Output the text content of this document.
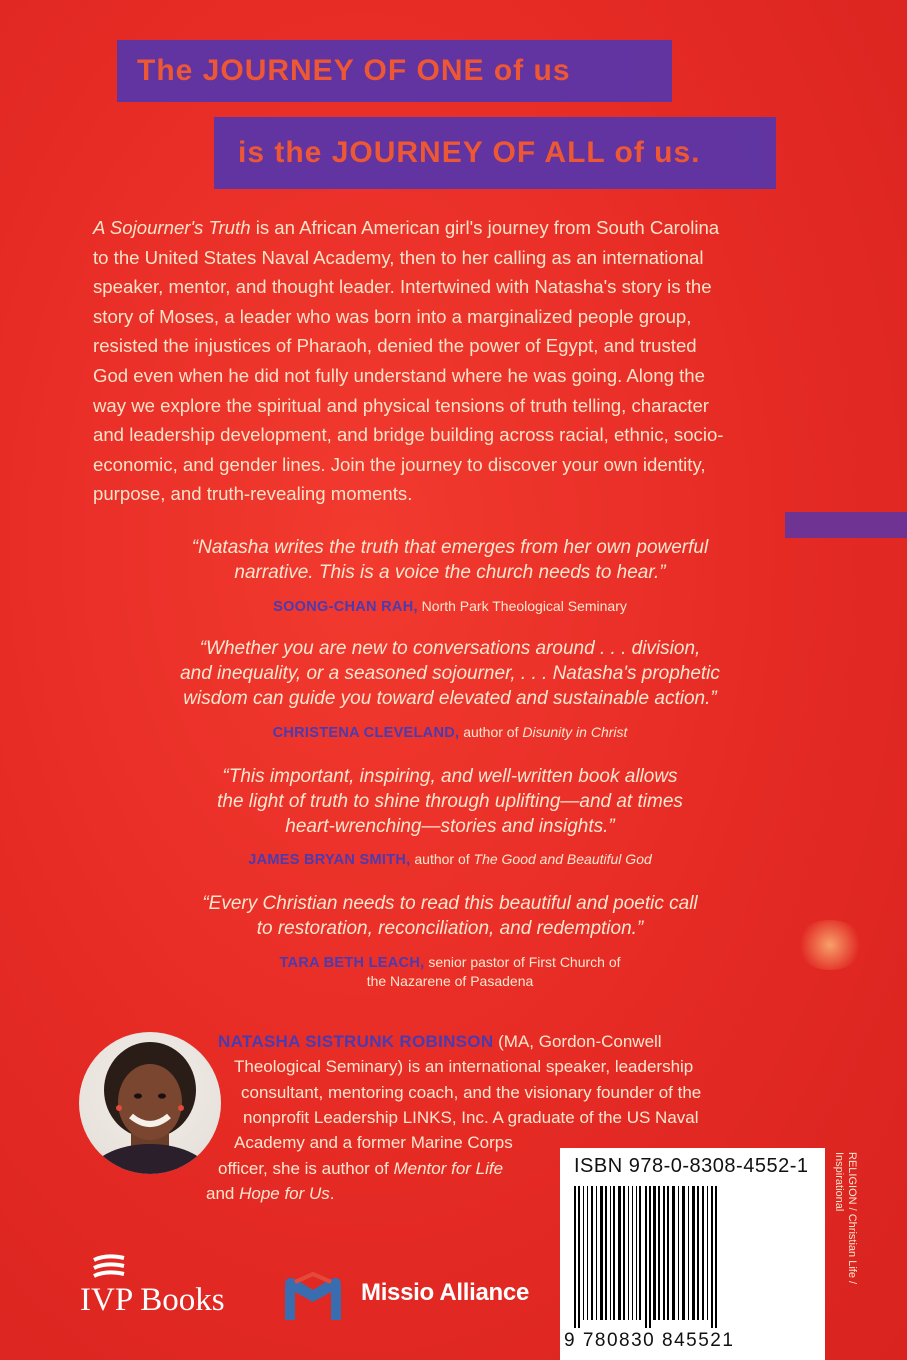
The JOURNEY OF ONE of us
is the JOURNEY OF ALL of us.
A Sojourner's Truth is an African American girl's journey from South Carolina
to the United States Naval Academy, then to her calling as an international
speaker, mentor, and thought leader. Intertwined with Natasha's story is the
story of Moses, a leader who was born into a marginalized people group,
resisted the injustices of Pharaoh, denied the power of Egypt, and trusted
God even when he did not fully understand where he was going. Along the
way we explore the spiritual and physical tensions of truth telling, character
and leadership development, and bridge building across racial, ethnic, socio-
economic, and gender lines. Join the journey to discover your own identity,
purpose, and truth-revealing moments.
“Natasha writes the truth that emerges from her own powerful
narrative. This is a voice the church needs to hear.”
SOONG-CHAN RAH, North Park Theological Seminary
“Whether you are new to conversations around . . . division,
and inequality, or a seasoned sojourner, . . . Natasha's prophetic
wisdom can guide you toward elevated and sustainable action.”
CHRISTENA CLEVELAND, author of Disunity in Christ
“This important, inspiring, and well-written book allows
the light of truth to shine through uplifting—and at times
heart-wrenching—stories and insights.”
JAMES BRYAN SMITH, author of The Good and Beautiful God
“Every Christian needs to read this beautiful and poetic call
to restoration, reconciliation, and redemption.”
TARA BETH LEACH, senior pastor of First Church of
the Nazarene of Pasadena
NATASHA SISTRUNK ROBINSON (MA, Gordon-Conwell
Theological Seminary) is an international speaker, leadership
consultant, mentoring coach, and the visionary founder of the
nonprofit Leadership LINKS, Inc. A graduate of the US Naval
Academy and a former Marine Corps
officer, she is author of Mentor for Life
and Hope for Us.
ISBN 978-0-8308-4552-1
9 780830 845521
RELIGION / Christian Life /
Inspirational
IVP Books	Missio Alliance
